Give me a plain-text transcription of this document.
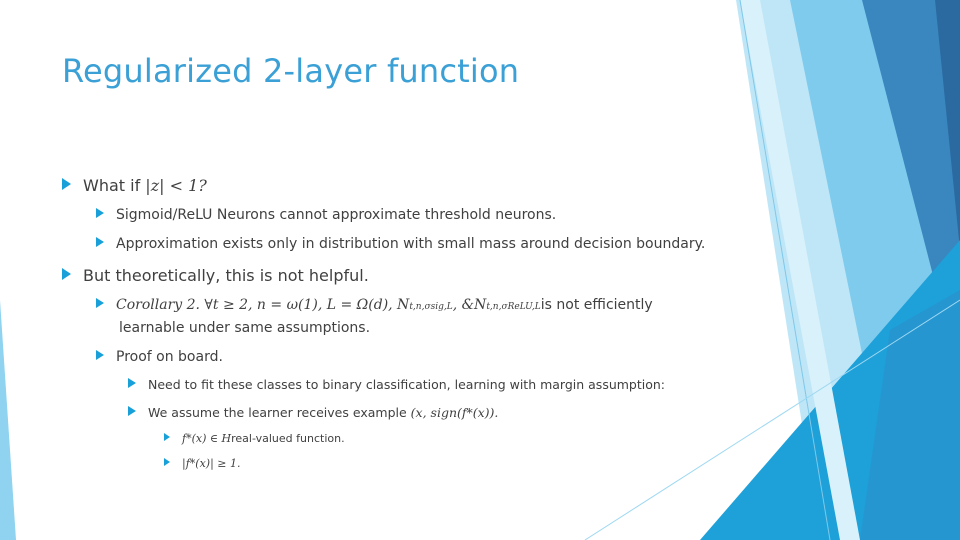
Regularized 2-layer function
What if
|z| < 1?
Sigmoid/ReLU Neurons cannot approximate threshold neurons.
Approximation exists only in distribution with small mass around decision boundary.
But theoretically, this is not helpful.
Corollary 2. ∀t ≥ 2, n = ω(1), L = Ω(d), N t,n,σsig,L , &N t,n,σReLU,L is not efficiently
learnable under same assumptions.
Proof on board.
Need to fit these classes to binary classification, learning with margin assumption:
We assume the learner receives example
(x, sign(f*(x)).
f*(x) ∈ H real-valued function.
|f*(x)| ≥ 1.
